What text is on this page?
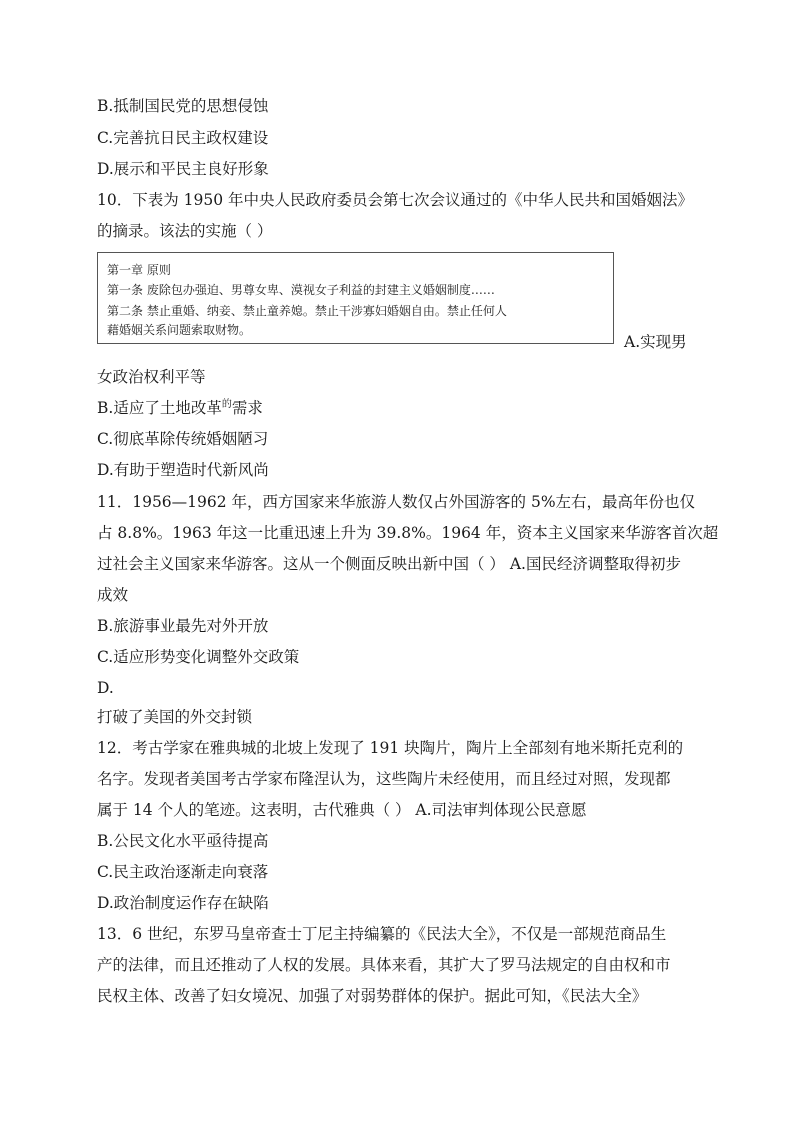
B.抵制国民党的思想侵蚀
C.完善抗日民主政权建设
D.展示和平民主良好形象
10．下表为 1950 年中央人民政府委员会第七次会议通过的《中华人民共和国婚姻法》
的摘录。该法的实施（ ）
第一章 原则
第一条 废除包办强迫、男尊女卑、漠视女子利益的封建主义婚姻制度……
第二条 禁止重婚、纳妾、禁止童养媳。禁止干涉寡妇婚姻自由。禁止任何人
藉婚姻关系问题索取财物。
A.实现男
女政治权利平等
B.适应了土地改革$^的$需求
C.彻底革除传统婚姻陋习
D.有助于塑造时代新风尚
11．1956—1962 年，西方国家来华旅游人数仅占外国游客的 5%左右，最高年份也仅
占 8.8%。1963 年这一比重迅速上升为 39.8%。1964 年，资本主义国家来华游客首次超
过社会主义国家来华游客。这从一个侧面反映出新中国（ ） A.国民经济调整取得初步
成效
B.旅游事业最先对外开放
C.适应形势变化调整外交政策
D.
打破了美国的外交封锁
12．考古学家在雅典城的北坡上发现了 191 块陶片，陶片上全部刻有地米斯托克利的
名字。发现者美国考古学家布隆涅认为，这些陶片未经使用，而且经过对照，发现都
属于 14 个人的笔迹。这表明，古代雅典（ ） A.司法审判体现公民意愿
B.公民文化水平亟待提高
C.民主政治逐渐走向衰落
D.政治制度运作存在缺陷
13．6 世纪，东罗马皇帝查士丁尼主持编纂的《民法大全》，不仅是一部规范商品生
产的法律，而且还推动了人权的发展。具体来看，其扩大了罗马法规定的自由权和市
民权主体、改善了妇女境况、加强了对弱势群体的保护。据此可知，《民法大全》
